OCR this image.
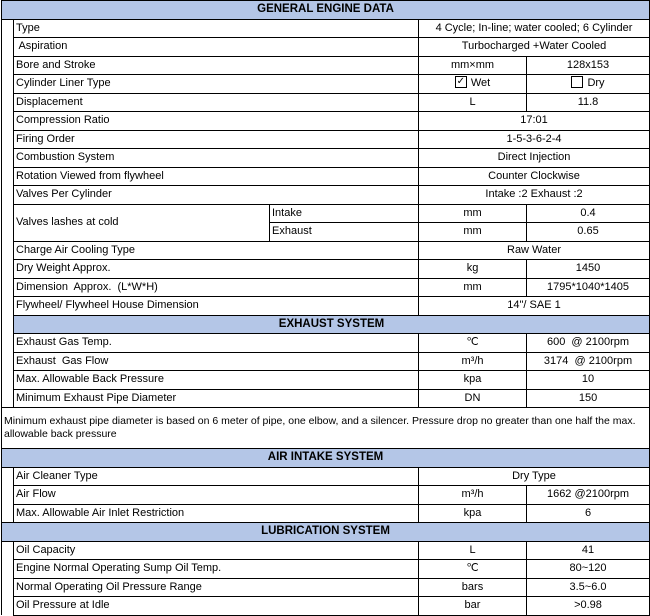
GENERAL ENGINE DATA				
	Type		4 Cycle; In-line; water cooled; 6 Cylinder	
	Aspiration		Turbocharged +Water Cooled	
	Bore and Stroke		mm×mm	128x153
	Cylinder Liner Type		✓ Wet	Dry
	Displacement		L	11.8
	Compression Ratio		17:01	
	Firing Order		1-5-3-6-2-4	
	Combustion System		Direct Injection	
	Rotation Viewed from flywheel		Counter Clockwise	
	Valves Per Cylinder		Intake :2 Exhaust :2	
	Valves lashes at cold	Intake	mm	0.4
		Exhaust	mm	0.65
	Charge Air Cooling Type		Raw Water	
	Dry Weight Approx.		kg	1450
	Dimension  Approx.  (L*W*H)		mm	1795*1040*1405
	Flywheel/ Flywheel House Dimension		14"/ SAE 1	
	EXHAUST SYSTEM			
	Exhaust Gas Temp.		℃	600  @ 2100rpm
	Exhaust  Gas Flow		m³/h	3174  @ 2100rpm
	Max. Allowable Back Pressure		kpa	10
	Minimum Exhaust Pipe Diameter		DN	150
Minimum exhaust pipe diameter is based on 6 meter of pipe, one elbow, and a silencer. Pressure drop no greater than one half the max. allowable back pressure				
AIR INTAKE SYSTEM				
	Air Cleaner Type		Dry Type	
	Air Flow		m³/h	1662 @2100rpm
	Max. Allowable Air Inlet Restriction		kpa	6
LUBRICATION SYSTEM				
	Oil Capacity		L	41
	Engine Normal Operating Sump Oil Temp.		℃	80~120
	Normal Operating Oil Pressure Range		bars	3.5~6.0
	Oil Pressure at Idle		bar	>0.98
